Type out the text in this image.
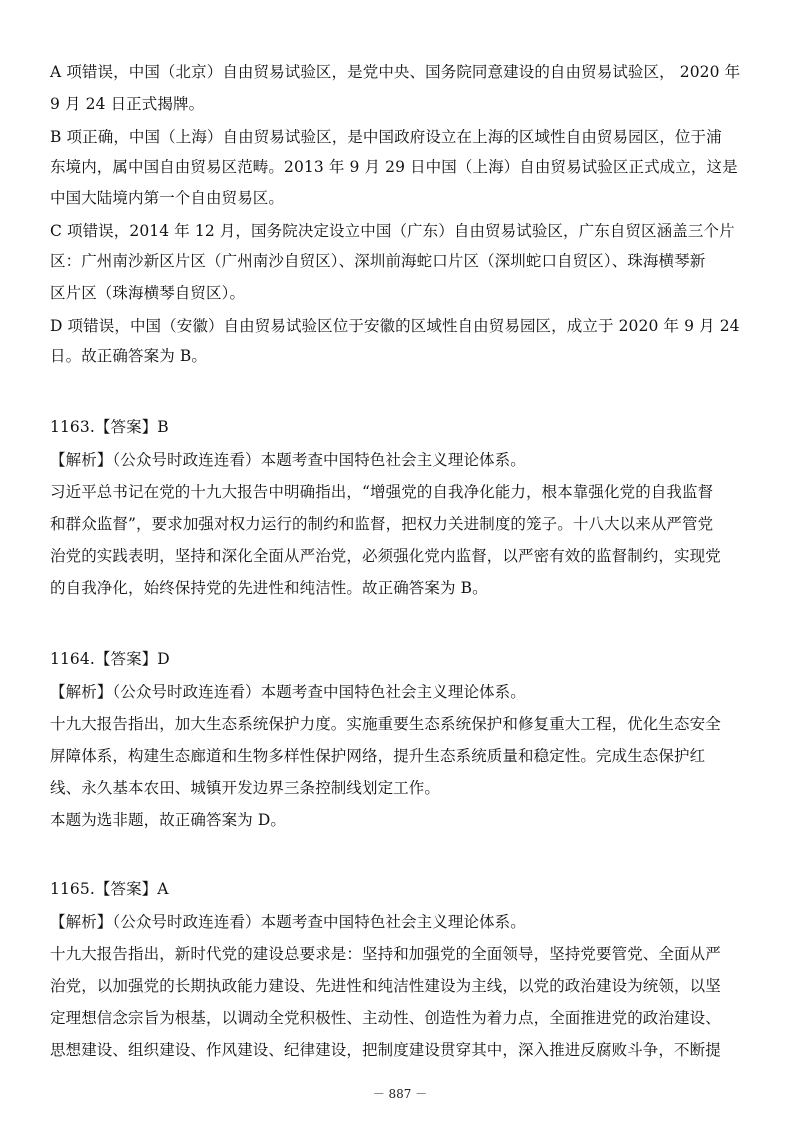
A 项错误，中国（北京）自由贸易试验区，是党中央、国务院同意建设的自由贸易试验区， 2020 年
9 月 24 日正式揭牌。
B 项正确，中国（上海）自由贸易试验区，是中国政府设立在上海的区域性自由贸易园区，位于浦
东境内，属中国自由贸易区范畴。2013 年 9 月 29 日中国（上海）自由贸易试验区正式成立，这是
中国大陆境内第一个自由贸易区。
C 项错误，2014 年 12 月，国务院决定设立中国（广东）自由贸易试验区，广东自贸区涵盖三个片
区：广州南沙新区片区（广州南沙自贸区）、深圳前海蛇口片区（深圳蛇口自贸区）、珠海横琴新
区片区（珠海横琴自贸区）。
D 项错误，中国（安徽）自由贸易试验区位于安徽的区域性自由贸易园区，成立于 2020 年 9 月 24
日。故正确答案为 B。
1163.【答案】B
【解析】（公众号时政连连看）本题考查中国特色社会主义理论体系。
习近平总书记在党的十九大报告中明确指出，“增强党的自我净化能力，根本靠强化党的自我监督
和群众监督”，要求加强对权力运行的制约和监督，把权力关进制度的笼子。十八大以来从严管党
治党的实践表明，坚持和深化全面从严治党，必须强化党内监督，以严密有效的监督制约，实现党
的自我净化，始终保持党的先进性和纯洁性。故正确答案为 B。
1164.【答案】D
【解析】（公众号时政连连看）本题考查中国特色社会主义理论体系。
十九大报告指出，加大生态系统保护力度。实施重要生态系统保护和修复重大工程，优化生态安全
屏障体系，构建生态廊道和生物多样性保护网络，提升生态系统质量和稳定性。完成生态保护红
线、永久基本农田、城镇开发边界三条控制线划定工作。
本题为选非题，故正确答案为 D。
1165.【答案】A
【解析】（公众号时政连连看）本题考查中国特色社会主义理论体系。
十九大报告指出，新时代党的建设总要求是：坚持和加强党的全面领导，坚持党要管党、全面从严
治党，以加强党的长期执政能力建设、先进性和纯洁性建设为主线，以党的政治建设为统领，以坚
定理想信念宗旨为根基，以调动全党积极性、主动性、创造性为着力点，全面推进党的政治建设、
思想建设、组织建设、作风建设、纪律建设，把制度建设贯穿其中，深入推进反腐败斗争，不断提
－ 887 －
